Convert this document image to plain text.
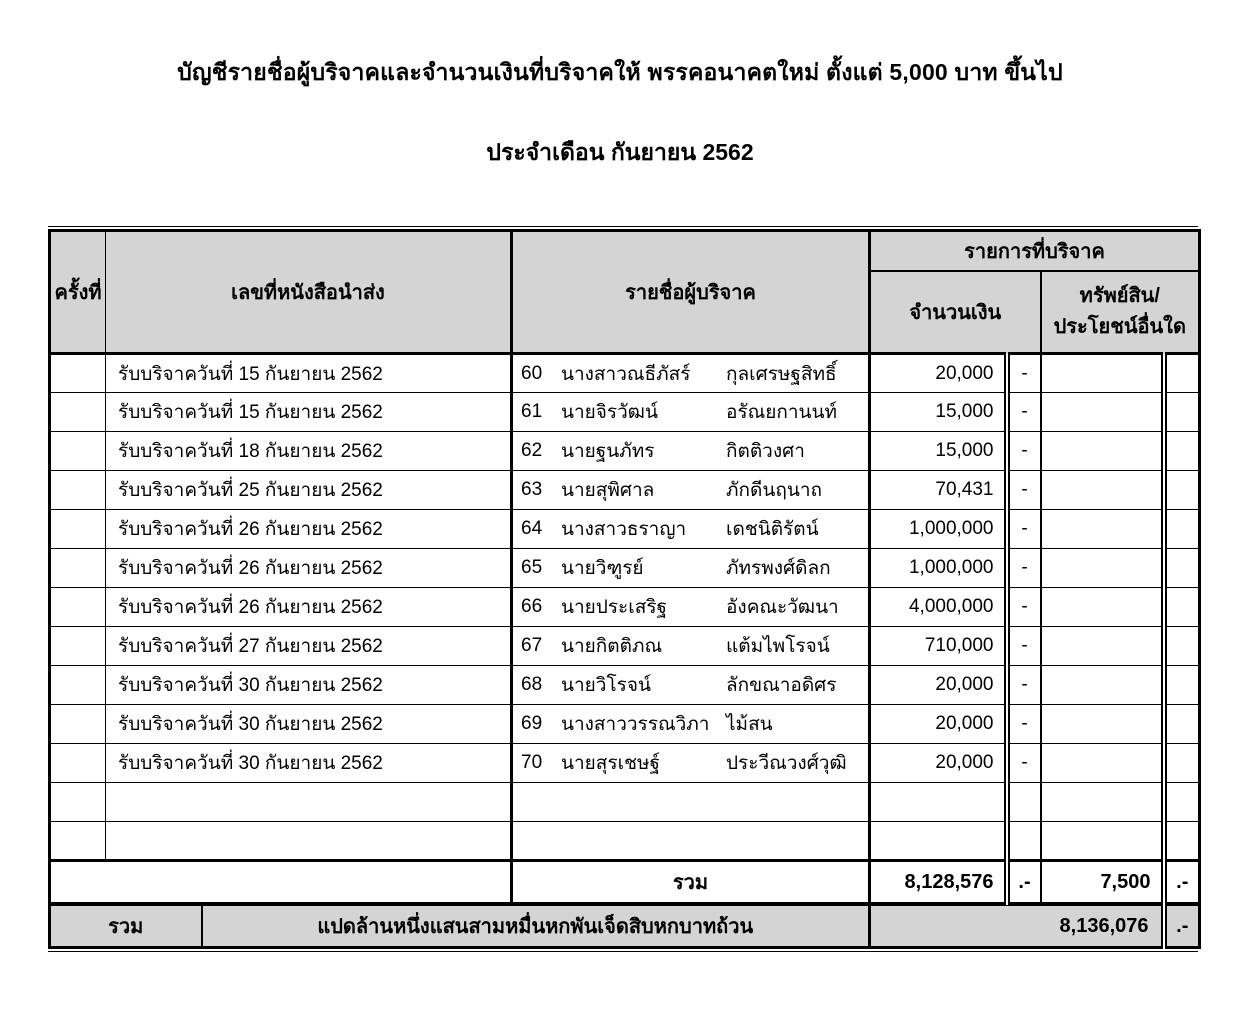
บัญชีรายชื่อผู้บริจาคและจำนวนเงินที่บริจาคให้ พรรคอนาคตใหม่ ตั้งแต่ 5,000 บาท ขึ้นไป
ประจำเดือน กันยายน 2562
ครั้งที่	เลขที่หนังสือนำส่ง	รายชื่อผู้บริจาค	รายการที่บริจาค			
			จำนวนเงิน		ทรัพย์สิน/
ประโยชน์อื่นใด	

	รับบริจาควันที่ 15 กันยายน 2562	60 นางสาวณธีภัสร์ กุลเศรษฐสิทธิ์	20,000	-		
	รับบริจาควันที่ 15 กันยายน 2562	61 นายจิรวัฒน์ อรัณยกานนท์	15,000	-		
	รับบริจาควันที่ 18 กันยายน 2562	62 นายฐนภัทร กิตติวงศา	15,000	-		
	รับบริจาควันที่ 25 กันยายน 2562	63 นายสุพิศาล ภักดีนฤนาถ	70,431	-		
	รับบริจาควันที่ 26 กันยายน 2562	64 นางสาวธราญา เดชนิติรัตน์	1,000,000	-		
	รับบริจาควันที่ 26 กันยายน 2562	65 นายวิฑูรย์ ภัทรพงศ์ดิลก	1,000,000	-		
	รับบริจาควันที่ 26 กันยายน 2562	66 นายประเสริฐ อังคณะวัฒนา	4,000,000	-		
	รับบริจาควันที่ 27 กันยายน 2562	67 นายกิตติภณ แต้มไพโรจน์	710,000	-		
	รับบริจาควันที่ 30 กันยายน 2562	68 นายวิโรจน์ ลักขณาอดิศร	20,000	-		
	รับบริจาควันที่ 30 กันยายน 2562	69 นางสาววรรณวิภา ไม้สน	20,000	-		
	รับบริจาควันที่ 30 กันยายน 2562	70 นายสุรเชษฐ์ ประวีณวงศ์วุฒิ	20,000	-		

		รวม	8,128,576	.-	7,500	.-
รวม	แปดล้านหนึ่งแสนสามหมื่นหกพันเจ็ดสิบหกบาทถ้วน	8,136,076	.-
